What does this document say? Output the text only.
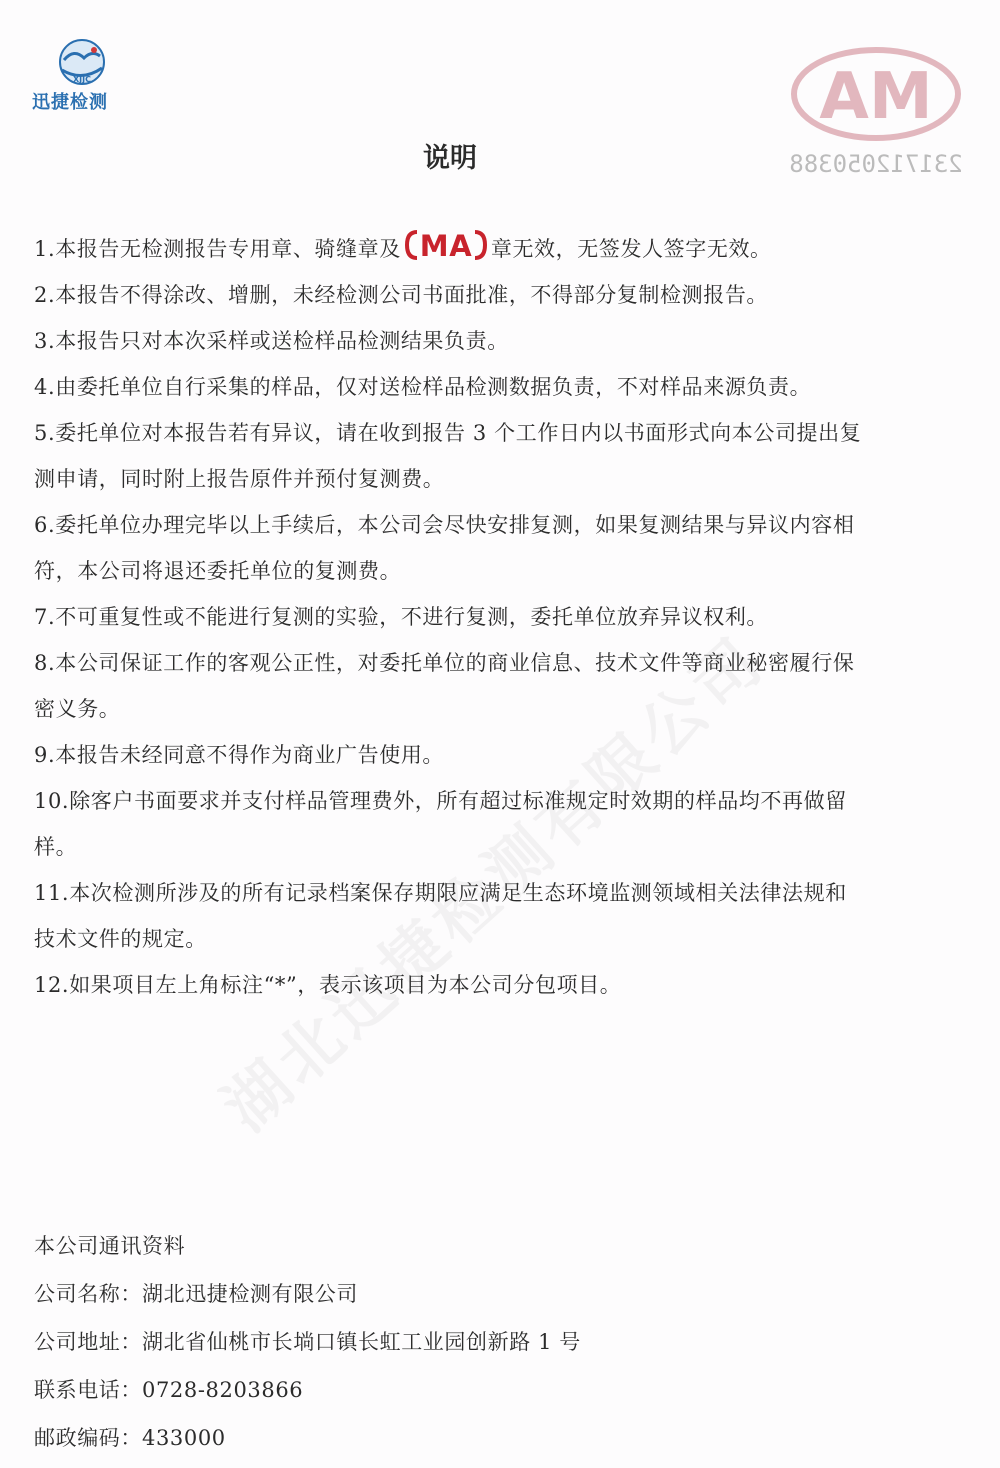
XJJC
迅捷检测	MA
231712050388
说明

1.本报告无检测报告专用章、骑缝章及 MA 章无效，无签发人签字无效。

2.本报告不得涂改、增删，未经检测公司书面批准，不得部分复制检测报告。

3.本报告只对本次采样或送检样品检测结果负责。

4.由委托单位自行采集的样品，仅对送检样品检测数据负责，不对样品来源负责。

5.委托单位对本报告若有异议，请在收到报告 3 个工作日内以书面形式向本公司提出复测申请，同时附上报告原件并预付复测费。

6.委托单位办理完毕以上手续后，本公司会尽快安排复测，如果复测结果与异议内容相符，本公司将退还委托单位的复测费。

7.不可重复性或不能进行复测的实验，不进行复测，委托单位放弃异议权利。

8.本公司保证工作的客观公正性，对委托单位的商业信息、技术文件等商业秘密履行保密义务。

9.本报告未经同意不得作为商业广告使用。

10.除客户书面要求并支付样品管理费外，所有超过标准规定时效期的样品均不再做留样。

11.本次检测所涉及的所有记录档案保存期限应满足生态环境监测领域相关法律法规和技术文件的规定。

12.如果项目左上角标注“*”，表示该项目为本公司分包项目。

本公司通讯资料

公司名称：湖北迅捷检测有限公司

公司地址：湖北省仙桃市长埫口镇长虹工业园创新路 1 号

联系电话：0728-8203866

邮政编码：433000
